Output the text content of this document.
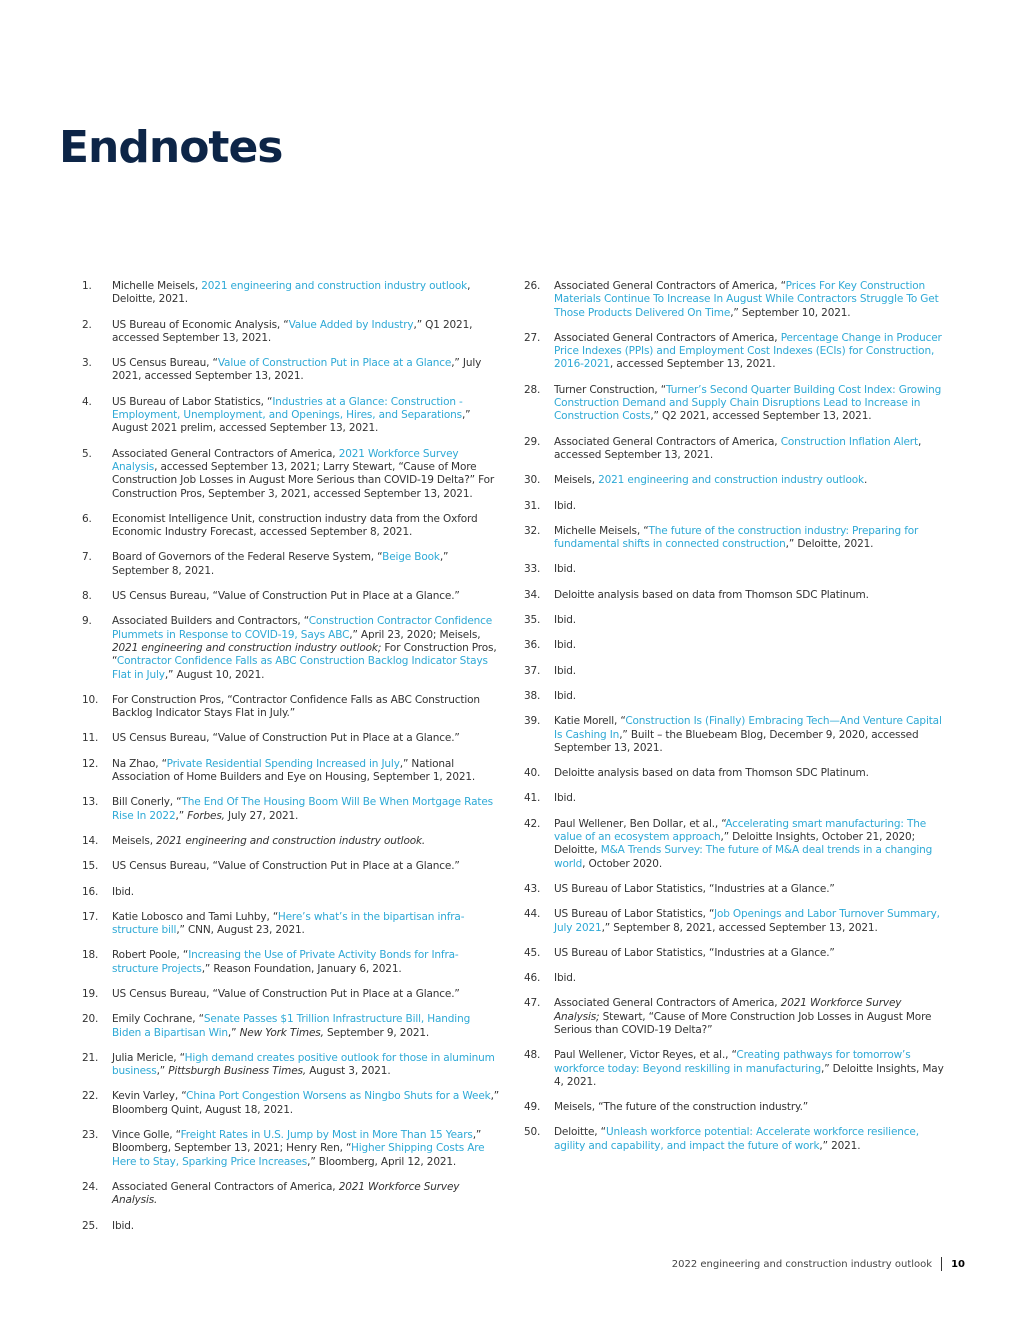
Endnotes
1. Michelle Meisels, 2021 engineering and construction industry outlook, Deloitte, 2021.
2. US Bureau of Economic Analysis, “Value Added by Industry,” Q1 2021, accessed September 13, 2021.
3. US Census Bureau, “Value of Construction Put in Place at a Glance,” July 2021, accessed September 13, 2021.
4. US Bureau of Labor Statistics, “Industries at a Glance: Construction - Employment, Unemployment, and Openings, Hires, and Separations,” August 2021 prelim, accessed September 13, 2021.
5. Associated General Contractors of America, 2021 Workforce Survey Analysis, accessed September 13, 2021; Larry Stewart, “Cause of More Construction Job Losses in August More Serious than COVID-19 Delta?” For Construction Pros, September 3, 2021, accessed September 13, 2021.
6. Economist Intelligence Unit, construction industry data from the Oxford Economic Industry Forecast, accessed September 8, 2021.
7. Board of Governors of the Federal Reserve System, “Beige Book,” September 8, 2021.
8. US Census Bureau, “Value of Construction Put in Place at a Glance.”
9. Associated Builders and Contractors, “Construction Contractor Confidence Plummets in Response to COVID-19, Says ABC,” April 23, 2020; Meisels, 2021 engineering and construction industry outlook; For Construction Pros, “Contractor Confidence Falls as ABC Construction Backlog Indicator Stays Flat in July,” August 10, 2021.
10. For Construction Pros, “Contractor Confidence Falls as ABC Construction Backlog Indicator Stays Flat in July.”
11. US Census Bureau, “Value of Construction Put in Place at a Glance.”
12. Na Zhao, “Private Residential Spending Increased in July,” National Association of Home Builders and Eye on Housing, September 1, 2021.
13. Bill Conerly, “The End Of The Housing Boom Will Be When Mortgage Rates Rise In 2022,” Forbes, July 27, 2021.
14. Meisels, 2021 engineering and construction industry outlook.
15. US Census Bureau, “Value of Construction Put in Place at a Glance.”
16. Ibid.
17. Katie Lobosco and Tami Luhby, “Here’s what’s in the bipartisan infra-structure bill,” CNN, August 23, 2021.
18. Robert Poole, “Increasing the Use of Private Activity Bonds for Infra-structure Projects,” Reason Foundation, January 6, 2021.
19. US Census Bureau, “Value of Construction Put in Place at a Glance.”
20. Emily Cochrane, “Senate Passes $1 Trillion Infrastructure Bill, Handing Biden a Bipartisan Win,” New York Times, September 9, 2021.
21. Julia Mericle, “High demand creates positive outlook for those in aluminum business,” Pittsburgh Business Times, August 3, 2021.
22. Kevin Varley, “China Port Congestion Worsens as Ningbo Shuts for a Week,” Bloomberg Quint, August 18, 2021.
23. Vince Golle, “Freight Rates in U.S. Jump by Most in More Than 15 Years,” Bloomberg, September 13, 2021; Henry Ren, “Higher Shipping Costs Are Here to Stay, Sparking Price Increases,” Bloomberg, April 12, 2021.
24. Associated General Contractors of America, 2021 Workforce Survey Analysis.
25. Ibid.
26. Associated General Contractors of America, “Prices For Key Construction Materials Continue To Increase In August While Contractors Struggle To Get Those Products Delivered On Time,” September 10, 2021.
27. Associated General Contractors of America, Percentage Change in Producer Price Indexes (PPIs) and Employment Cost Indexes (ECIs) for Construction, 2016-2021, accessed September 13, 2021.
28. Turner Construction, “Turner’s Second Quarter Building Cost Index: Growing Construction Demand and Supply Chain Disruptions Lead to Increase in Construction Costs,” Q2 2021, accessed September 13, 2021.
29. Associated General Contractors of America, Construction Inflation Alert, accessed September 13, 2021.
30. Meisels, 2021 engineering and construction industry outlook.
31. Ibid.
32. Michelle Meisels, “The future of the construction industry: Preparing for fundamental shifts in connected construction,” Deloitte, 2021.
33. Ibid.
34. Deloitte analysis based on data from Thomson SDC Platinum.
35. Ibid.
36. Ibid.
37. Ibid.
38. Ibid.
39. Katie Morell, “Construction Is (Finally) Embracing Tech—And Venture Capital Is Cashing In,” Built – the Bluebeam Blog, December 9, 2020, accessed September 13, 2021.
40. Deloitte analysis based on data from Thomson SDC Platinum.
41. Ibid.
42. Paul Wellener, Ben Dollar, et al., “Accelerating smart manufacturing: The value of an ecosystem approach,” Deloitte Insights, October 21, 2020; Deloitte, M&A Trends Survey: The future of M&A deal trends in a changing world, October 2020.
43. US Bureau of Labor Statistics, “Industries at a Glance.”
44. US Bureau of Labor Statistics, “Job Openings and Labor Turnover Summary, July 2021,” September 8, 2021, accessed September 13, 2021.
45. US Bureau of Labor Statistics, “Industries at a Glance.”
46. Ibid.
47. Associated General Contractors of America, 2021 Workforce Survey Analysis; Stewart, “Cause of More Construction Job Losses in August More Serious than COVID-19 Delta?”
48. Paul Wellener, Victor Reyes, et al., “Creating pathways for tomorrow’s workforce today: Beyond reskilling in manufacturing,” Deloitte Insights, May 4, 2021.
49. Meisels, “The future of the construction industry.”
50. Deloitte, “Unleash workforce potential: Accelerate workforce resilience, agility and capability, and impact the future of work,” 2021.
2022 engineering and construction industry outlook 10
